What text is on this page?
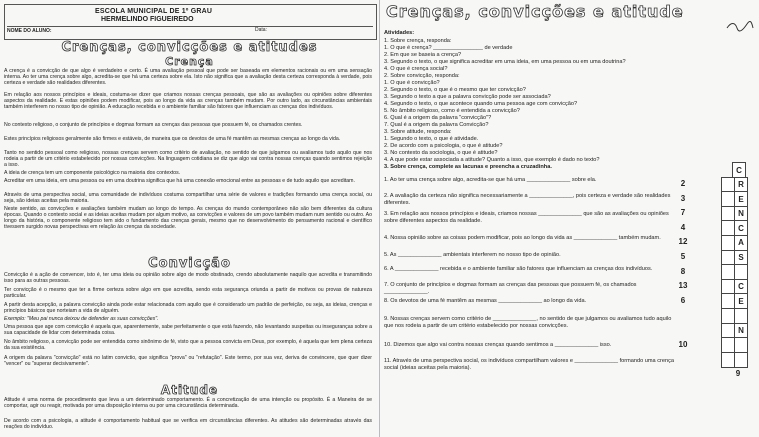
ESCOLA MUNICIPAL DE 1º GRAU
HERMELINDO FIGUEIREDO
NOME DO ALUNO:	Data:
Crenças, convicções e atitudes
Crença
A crença é a convicção de que algo é verdadeiro e certo. É uma avaliação pessoal que pode ser baseada em elementos racionais ou em uma sensação interna. Ao ter uma crença sobre algo, acredita-se que há uma certeza sobre ela. Isto não significa que a avaliação desta certeza corresponda à verdade, pois certeza e verdade são realidades diferentes.
Em relação aos nossos princípios e ideais, costuma-se dizer que criamos nossas crenças pessoais, que são as avaliações ou opiniões sobre diferentes aspectos da realidade. E estas opiniões podem modificar, pois ao longo da vida as crenças também mudam. Por outro lado, as circunstâncias ambientais também interferem no nosso tipo de opinião. A educação recebida e o ambiente familiar são fatores que influenciam as crenças dos indivíduos.
No contexto religioso, o conjunto de princípios e dogmas formam as crenças das pessoas que possuem fé, os chamados crentes.
Estes princípios religiosos geralmente são firmes e estáveis, de maneira que os devotos de uma fé mantêm as mesmas crenças ao longo da vida.
Tanto no sentido pessoal como religioso, nossas crenças servem como critério de avaliação, no sentido de que julgamos ou avaliamos tudo aquilo que nos rodeia a partir de um critério estabelecido por nossas convicções. Na linguagem cotidiana se diz que algo vai contra nossas crenças quando sentimos rejeição a isso.
A ideia de crença tem um componente psicológico na maioria dos contextos.
Acreditar em uma ideia, em uma pessoa ou em uma doutrina significa que há uma conexão emocional entre as pessoas e de tudo aquilo que acreditam.
Através de uma perspectiva social, uma comunidade de indivíduos costuma compartilhar uma série de valores e tradições formando uma crença social, ou seja, são ideias aceitas pela maioria.
Neste sentido, as convicções e avaliações também mudam ao longo do tempo. As crenças do mundo contemporâneo não são bem diferentes da cultura épocas. Quando o contexto social e as ideias aceitas mudam por algum motivo, as convicções e valores de um povo também mudam num sentido ou outro. Ao longo da história, o componente religioso tem sido o fundamento das crenças gerais, mesmo que no desenvolvimento do pensamento racional e científico tivessem surgido novas perspectivas em relação às crenças da sociedade.
Convicção
Convicção é a ação de convencer, isto é, ter uma ideia ou opinião sobre algo de modo obstinado, crendo absolutamente naquilo que acredita e transmitindo isso para as outras pessoas.
Ter convicção é o mesmo que ter a firme certeza sobre algo em que acredita, sendo esta segurança oriunda a partir de motivos ou provas de natureza particular.
A partir desta acepção, a palavra convicção ainda pode estar relacionada com aquilo que é considerado um padrão de perfeição, ou seja, as ideias, crenças e princípios básicos que norteiam a vida de alguém.
Exemplo: "Meu pai nunca deixou de defender as suas convicções".
Uma pessoa que age com convicção é aquela que, aparentemente, sabe perfeitamente o que está fazendo, não levantando suspeitas ou inseguranças sobre a sua capacidade de lidar com determinada coisa.
No âmbito religioso, a convicção pode ser entendida como sinônimo de fé, visto que a pessoa convicta em Deus, por exemplo, é aquela que tem plena certeza da sua existência.
A origem da palavra "convicção" está no latim convictio, que significa "prova" ou "refutação". Este termo, por sua vez, deriva de convincere, que quer dizer "vencer" ou "superar decisivamente".
Atitude
Atitude é uma norma de procedimento que leva a um determinado comportamento. É a concretização de uma intenção ou propósito. É a Maneira de se comportar, agir ou reagir, motivada por uma disposição interna ou por uma circunstância determinada.
De acordo com a psicologia, a atitude é comportamento habitual que se verifica em circunstâncias diferentes. As atitudes são determinadas através das reações do indivíduo.
Crenças, convicções e atitude
Atividades:
1. Sobre crença, responda:
1. O que é crença? ________________ de verdade
2. Em que se baseia a crença?
3. Segundo o texto, o que significa acreditar em uma ideia, em uma pessoa ou em uma doutrina?
4. O que é crença social?
2. Sobre convicção, responda:
1. O que é convicção?
2. Segundo o texto, o que é o mesmo que ter convicção?
3. Segundo o texto a que a palavra convicção pode ser associada?
4. Segundo o texto, o que acontece quando uma pessoa age com convicção?
5. No âmbito religioso, como é entendida a convicção?
6. Qual é a origem da palavra "convicção"?
7. Qual é a origem da palavra Convicção?
3. Sobre atitude, responda:
1. Segundo o texto, o que é atividade.
2. De acordo com a psicologia, o que é atitude?
3. No contexto da sociologia, o que é atitude?
4. A que pode estar associada a atitude? Quanto a isso, que exemplo é dado no texto?
3. Sobre crença, complete as lacunas e preencha a cruzadinha.
1. Ao ter uma crença sobre algo, acredita-se que há uma ______________ sobre ela.
2. A avaliação da certeza não significa necessariamente a ______________, pois certeza e verdade são realidades diferentes.
3. Em relação aos nossos princípios e ideais, criamos nossas ______________ que são as avaliações ou opiniões sobre diferentes aspectos da realidade.
4. Nossa opinião sobre as coisas podem modificar, pois ao longo da vida as ______________ também mudam.
5. As ______________ ambientais interferem no nosso tipo de opinião.
6. A ______________ recebida e o ambiente familiar são fatores que influenciam as crenças dos indivíduos.
7. O conjunto de princípios e dogmas formam as crenças das pessoas que possuem fé, os chamados ______________.
8. Os devotos de uma fé mantêm as mesmas ______________ ao longo da vida.
9. Nossas crenças servem como critério de ______________, no sentido de que julgamos ou avaliamos tudo aquilo que nos rodeia a partir de um critério estabelecido por nossas convicções.
10. Dizemos que algo vai contra nossas crenças quando sentimos a ______________ isso.
11. Através de uma perspectiva social, os indivíduos compartilham valores e ______________ formando uma crença social (ideias aceitas pela maioria).
C
2	R
3	E
7	N
4	C
12	A
5	S
8
13	C
6	E
N
10
9
